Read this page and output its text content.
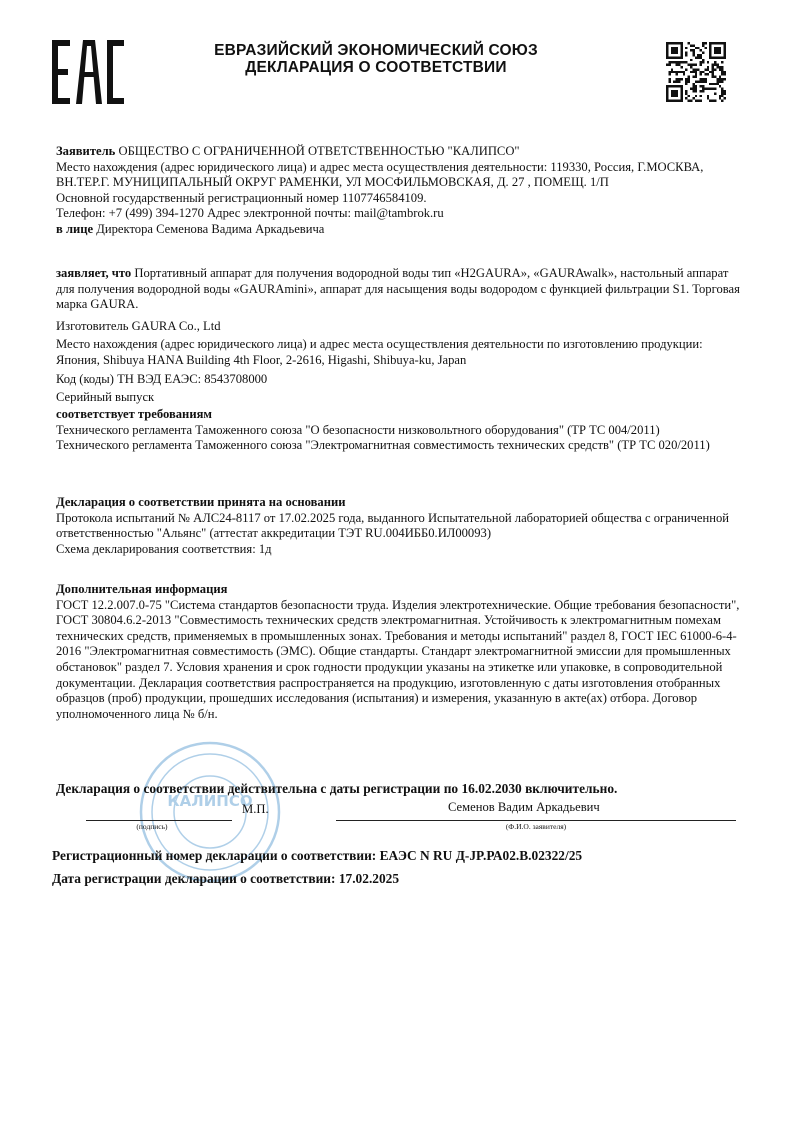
ЕВРАЗИЙСКИЙ ЭКОНОМИЧЕСКИЙ СОЮЗ
ДЕКЛАРАЦИЯ О СООТВЕТСТВИИ

Заявитель ОБЩЕСТВО С ОГРАНИЧЕННОЙ ОТВЕТСТВЕННОСТЬЮ "КАЛИПСО"

Место нахождения (адрес юридического лица) и адрес места осуществления деятельности: 119330, Россия, Г.МОСКВА, ВН.ТЕР.Г. МУНИЦИПАЛЬНЫЙ ОКРУГ РАМЕНКИ, УЛ МОСФИЛЬМОВСКАЯ, Д. 27 , ПОМЕЩ. 1/П

Основной государственный регистрационный номер 1107746584109.

Телефон: +7 (499) 394-1270 Адрес электронной почты: mail@tambrok.ru

в лице Директора Семенова Вадима Аркадьевича

заявляет, что Портативный аппарат для получения водородной воды тип «H2GAURA», «GAURAwalk», настольный аппарат для получения водородной воды «GAURAmini», аппарат для насыщения воды водородом с функцией фильтрации S1. Торговая марка GAURA.

Изготовитель GAURA Co., Ltd

Место нахождения (адрес юридического лица) и адрес места осуществления деятельности по изготовлению продукции: Япония, Shibuya HANA Building 4th Floor, 2-2616, Higashi, Shibuya-ku, Japan

Код (коды) ТН ВЭД ЕАЭС: 8543708000

Серийный выпуск

соответствует требованиям

Технического регламента Таможенного союза "О безопасности низковольтного оборудования" (ТР ТС 004/2011)

Технического регламента Таможенного союза "Электромагнитная совместимость технических средств" (ТР ТС 020/2011)

Декларация о соответствии принята на основании

Протокола испытаний № АЛС24-8117 от 17.02.2025 года, выданного Испытательной лабораторией общества с ограниченной ответственностью "Альянс" (аттестат аккредитации ТЭТ RU.004ИББ0.ИЛ00093)

Схема декларирования соответствия: 1д

Дополнительная информация

ГОСТ 12.2.007.0-75 "Система стандартов безопасности труда. Изделия электротехнические. Общие требования безопасности", ГОСТ 30804.6.2-2013 "Совместимость технических средств электромагнитная. Устойчивость к электромагнитным помехам технических средств, применяемых в промышленных зонах. Требования и методы испытаний" раздел 8, ГОСТ IEC 61000-6-4-2016 "Электромагнитная совместимость (ЭМС). Общие стандарты. Стандарт электромагнитной эмиссии для промышленных обстановок" раздел 7. Условия хранения и срок годности продукции указаны на этикетке или упаковке, в сопроводительной документации. Декларация соответствия распространяется на продукцию, изготовленную с даты изготовления отобранных образцов (проб) продукции, прошедших исследования (испытания) и измерения, указанную в акте(ах) отбора. Договор уполномоченного лица № б/н.

КАЛИПСО

Декларация о соответствии действительна с даты регистрации по 16.02.2030 включительно.

М.П.	Семенов Вадим Аркадьевич
(подпись)	(Ф.И.О. заявителя)
Регистрационный номер декларации о соответствии: ЕАЭС N RU Д-JP.РА02.В.02322/25
Дата регистрации декларации о соответствии: 17.02.2025
